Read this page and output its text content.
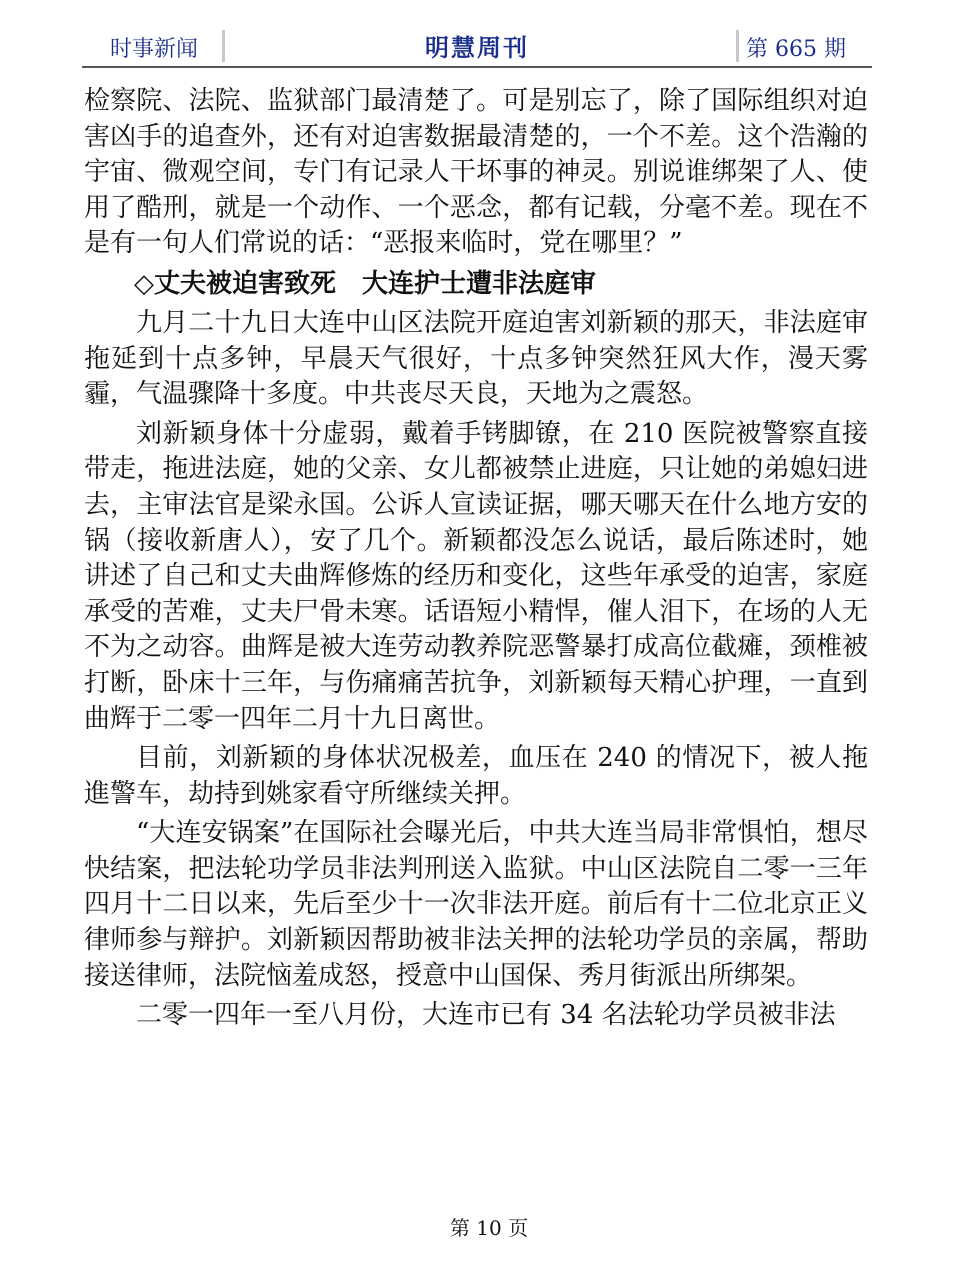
时事新闻	明慧周刊	第 665 期

检察院、法院、监狱部门最清楚了。可是别忘了，除了国际组织对迫害凶手的追查外，还有对迫害数据最清楚的，一个不差。这个浩瀚的宇宙、微观空间，专门有记录人干坏事的神灵。别说谁绑架了人、使用了酷刑，就是一个动作、一个恶念，都有记载，分毫不差。现在不是有一句人们常说的话：“恶报来临时，党在哪里？”

◇丈夫被迫害致死　大连护士遭非法庭审

九月二十九日大连中山区法院开庭迫害刘新颖的那天，非法庭审拖延到十点多钟，早晨天气很好，十点多钟突然狂风大作，漫天雾霾，气温骤降十多度。中共丧尽天良，天地为之震怒。

刘新颖身体十分虚弱，戴着手铐脚镣，在 210 医院被警察直接带走，拖进法庭，她的父亲、女儿都被禁止进庭，只让她的弟媳妇进去，主审法官是梁永国。公诉人宣读证据，哪天哪天在什么地方安的锅（接收新唐人），安了几个。新颖都没怎么说话，最后陈述时，她讲述了自己和丈夫曲辉修炼的经历和变化，这些年承受的迫害，家庭承受的苦难，丈夫尸骨未寒。话语短小精悍，催人泪下，在场的人无不为之动容。曲辉是被大连劳动教养院恶警暴打成高位截瘫，颈椎被打断，卧床十三年，与伤痛痛苦抗争，刘新颖每天精心护理，一直到曲辉于二零一四年二月十九日离世。

目前，刘新颖的身体状况极差，血压在 240 的情况下，被人拖進警车，劫持到姚家看守所继续关押。

“大连安锅案”在国际社会曝光后，中共大连当局非常惧怕，想尽快结案，把法轮功学员非法判刑送入监狱。中山区法院自二零一三年四月十二日以来，先后至少十一次非法开庭。前后有十二位北京正义律师参与辩护。刘新颖因帮助被非法关押的法轮功学员的亲属，帮助接送律师，法院恼羞成怒，授意中山国保、秀月街派出所绑架。

二零一四年一至八月份，大连市已有 34 名法轮功学员被非法

第 10 页
